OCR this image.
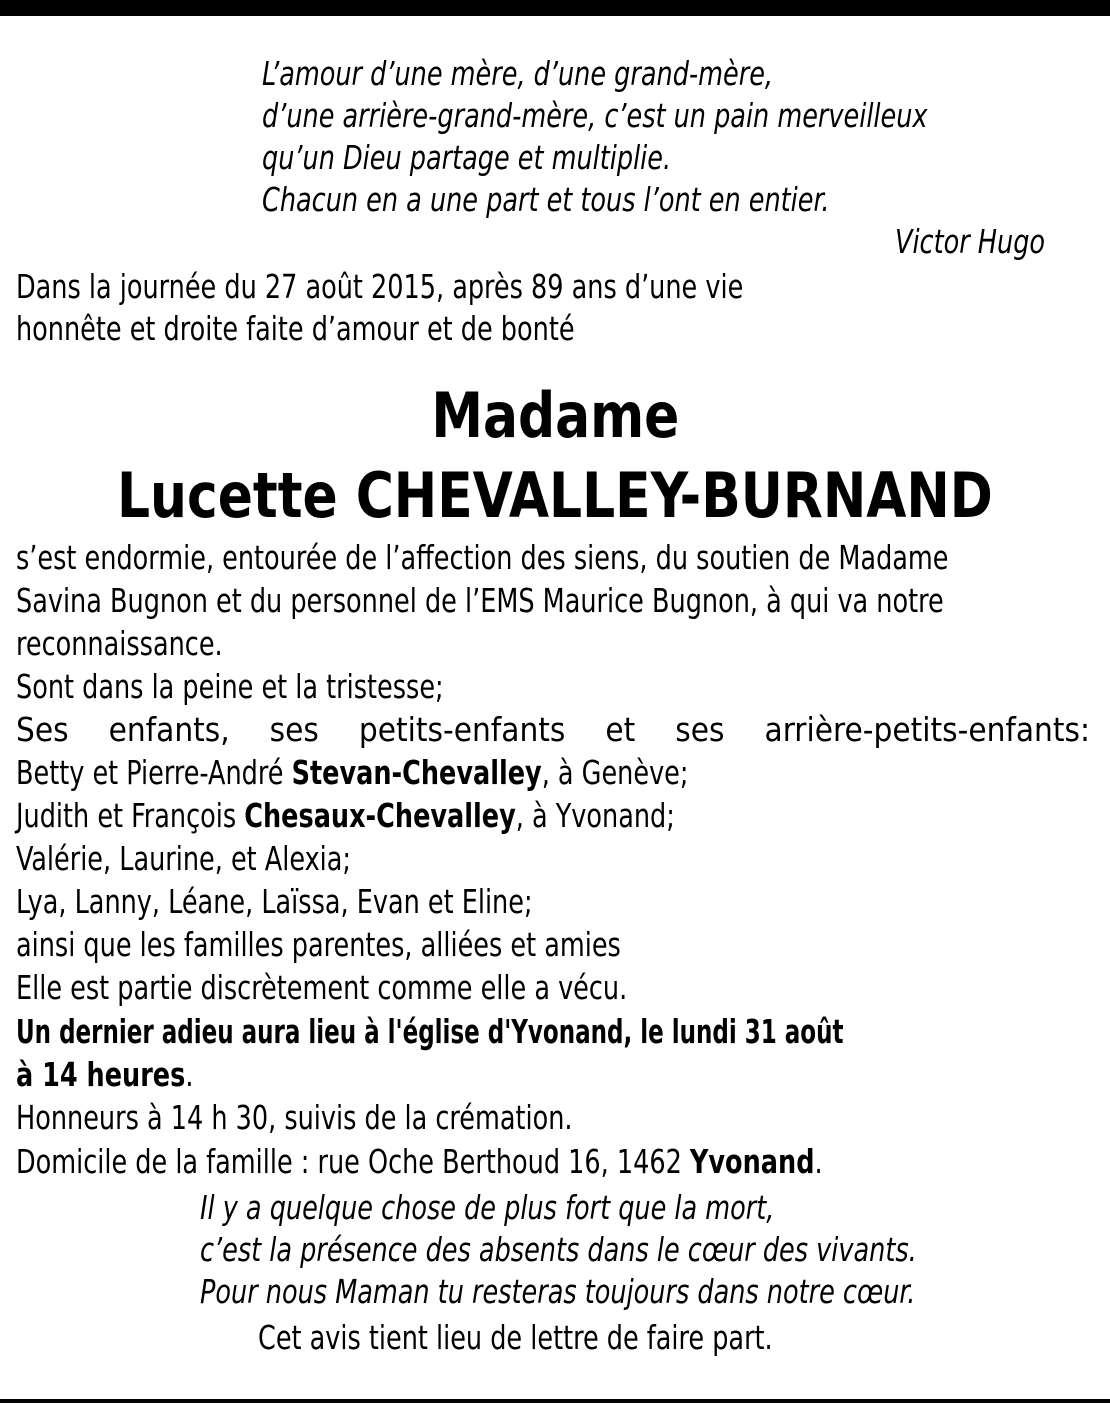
L’amour d’une mère, d’une grand-mère,
d’une arrière-grand-mère, c’est un pain merveilleux
qu’un Dieu partage et multiplie.
Chacun en a une part et tous l’ont en entier.
Victor Hugo
Dans la journée du 27 août 2015, après 89 ans d’une vie
honnête et droite faite d’amour et de bonté
Madame
Lucette CHEVALLEY-BURNAND
s’est endormie, entourée de l’affection des siens, du soutien de Madame
Savina Bugnon et du personnel de l’EMS Maurice Bugnon, à qui va notre
reconnaissance.
Sont dans la peine et la tristesse;
Ses enfants, ses petits-enfants et ses arrière-petits-enfants:
Betty et Pierre-André Stevan-Chevalley, à Genève;
Judith et François Chesaux-Chevalley, à Yvonand;
Valérie, Laurine, et Alexia;
Lya, Lanny, Léane, Laïssa, Evan et Eline;
ainsi que les familles parentes, alliées et amies
Elle est partie discrètement comme elle a vécu.
Un dernier adieu aura lieu à l'église d'Yvonand, le lundi 31 août
à 14 heures.
Honneurs à 14 h 30, suivis de la crémation.
Domicile de la famille : rue Oche Berthoud 16, 1462 Yvonand.
Il y a quelque chose de plus fort que la mort,
c’est la présence des absents dans le cœur des vivants.
Pour nous Maman tu resteras toujours dans notre cœur.
Cet avis tient lieu de lettre de faire part.
